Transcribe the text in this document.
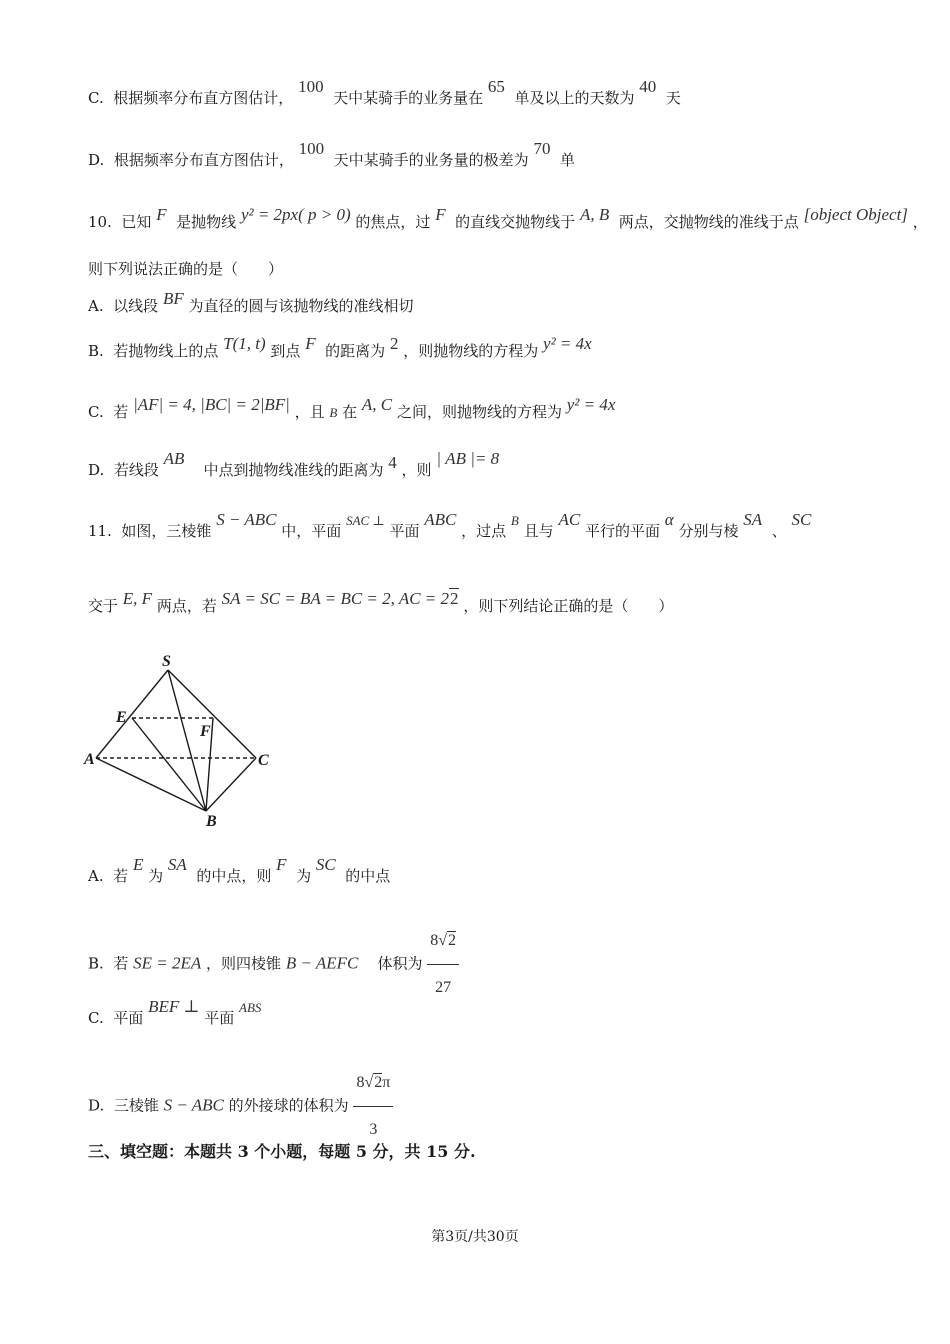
C. 根据频率分布直方图估计， 100  天中某骑手的业务量在 65  单及以上的天数为 40  天
D. 根据频率分布直方图估计， 100  天中某骑手的业务量的极差为 70  单
10. 已知 F 是抛物线 y² = 2px( p > 0) 的焦点，过 F 的直线交抛物线于 A, B 两点，交抛物线的准线于点 [object Object] ，
则下列说法正确的是（　　）
A. 以线段 BF 为直径的圆与该抛物线的准线相切
B. 若抛物线上的点 T(1, t) 到点 F 的距离为 2 ，则抛物线的方程为 y² = 4x
C. 若 |AF| = 4, |BC| = 2|BF| ，且 B 在 A, C 之间，则抛物线的方程为 y² = 4x
D. 若线段 AB    中点到抛物线准线的距离为 4 ，则 | AB |= 8
11. 如图，三棱锥 S − ABC 中，平面 SAC ⊥ 平面 ABC ，过点 B 且与 AC 平行的平面 α 分别与棱 SA  、 SC
交于 E, F 两点，若 SA = SC = BA = BC = 2, AC = 22 ，则下列结论正确的是（　　）
S
E
F
A	C
B
A. 若 E 为 SA  的中点，则 F  为 SC  的中点
B. 若 SE = 2EA ，则四棱锥 B − AEFC 体积为 $\frac{8√2}{27}$
C. 平面 BEF ⊥ 平面 ABS
D. 三棱锥 S − ABC 的外接球的体积为 $\frac{8√2\pi}{3}$
三、填空题：本题共 3 个小题，每题 5 分，共 15 分.
第3页/共30页
